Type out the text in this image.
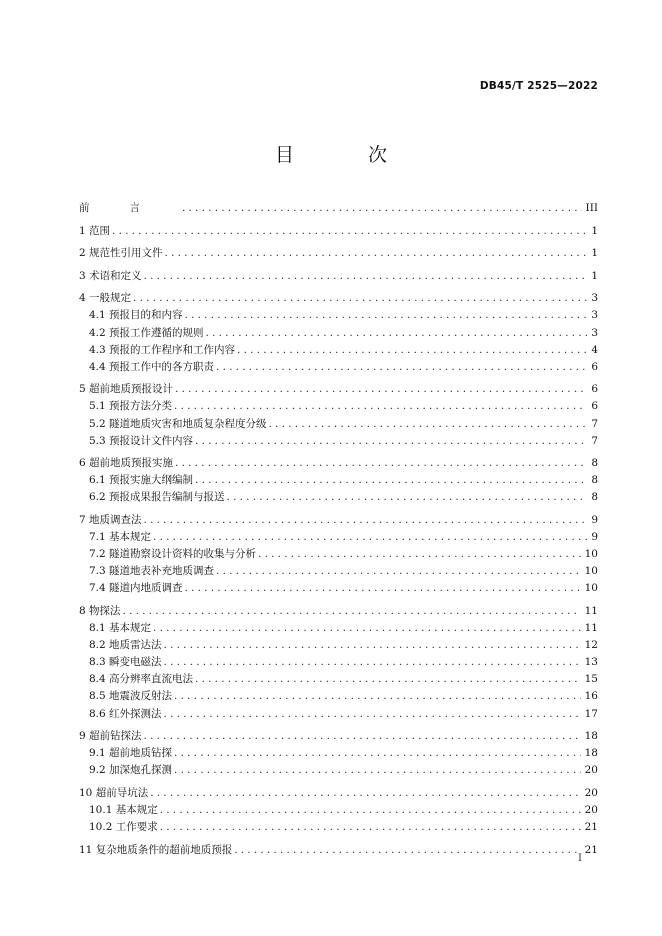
DB45/T 2525—2022
目 次
前言 .....	III
1 范围 .....	1
2 规范性引用文件 .....	1
3 术语和定义 .....	1
4 一般规定 .....	3
4.1 预报目的和内容 .....	3
4.2 预报工作遵循的规则 .....	3
4.3 预报的工作程序和工作内容 .....	4
4.4 预报工作中的各方职责 .....	6
5 超前地质预报设计 .....	6
5.1 预报方法分类 .....	6
5.2 隧道地质灾害和地质复杂程度分级 .....	7
5.3 预报设计文件内容 .....	7
6 超前地质预报实施 .....	8
6.1 预报实施大纲编制 .....	8
6.2 预报成果报告编制与报送 .....	8
7 地质调查法 .....	9
7.1 基本规定 .....	9
7.2 隧道勘察设计资料的收集与分析 .....	10
7.3 隧道地表补充地质调查 .....	10
7.4 隧道内地质调查 .....	10
8 物探法 .....	11
8.1 基本规定 .....	11
8.2 地质雷达法 .....	12
8.3 瞬变电磁法 .....	13
8.4 高分辨率直流电法 .....	15
8.5 地震波反射法 .....	16
8.6 红外探测法 .....	17
9 超前钻探法 .....	18
9.1 超前地质钻探 .....	18
9.2 加深炮孔探测 .....	20
10 超前导坑法 .....	20
10.1 基本规定 .....	20
10.2 工作要求 .....	21
11 复杂地质条件的超前地质预报 .....	21
I
